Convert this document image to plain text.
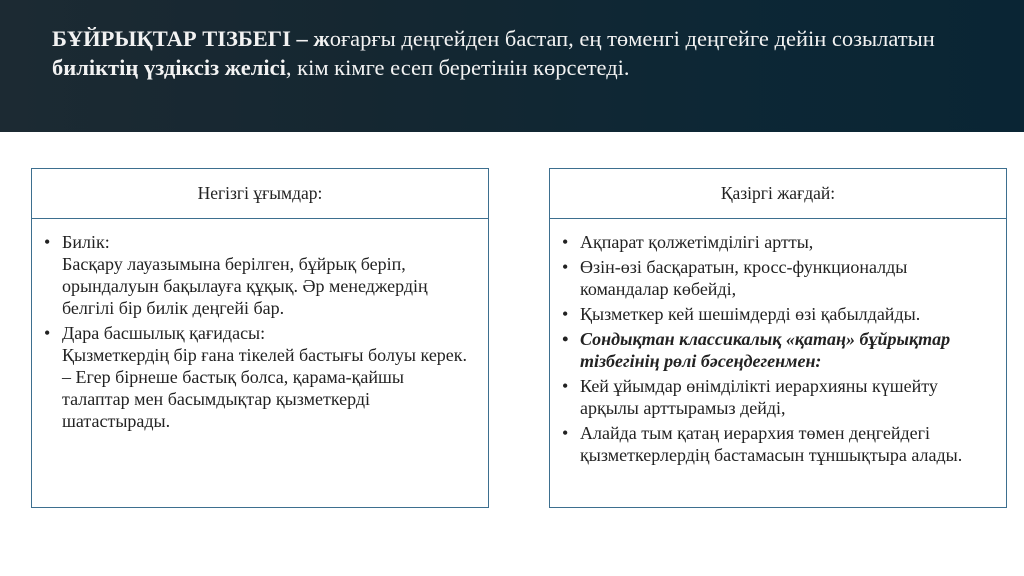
БҰЙРЫҚТАР ТІЗБЕГІ – жоғарғы деңгейден бастап, ең төменгі деңгейге дейін созылатын биліктің үздіксіз желісі, кім кімге есеп беретінін көрсетеді.
Негізгі ұғымдар:
• Билік:
Басқару лауазымына берілген, бұйрық беріп, орындалуын бақылауға құқық. Әр менеджердің белгілі бір билік деңгейі бар.
• Дара басшылық қағидасы:
Қызметкердің бір ғана тікелей бастығы болуы керек.
– Егер бірнеше бастық болса, қарама-қайшы талаптар мен басымдықтар қызметкерді шатастырады.
Қазіргі жағдай:
• Ақпарат қолжетімділігі артты,
• Өзін-өзі басқаратын, кросс-функционалды командалар көбейді,
• Қызметкер кей шешімдерді өзі қабылдайды.
• Сондықтан классикалық «қатаң» бұйрықтар тізбегінің рөлі бәсеңдегенмен:
• Кей ұйымдар өнімділікті иерархияны күшейту арқылы арттырамыз дейді,
• Алайда тым қатаң иерархия төмен деңгейдегі қызметкерлердің бастамасын тұншықтыра алады.
